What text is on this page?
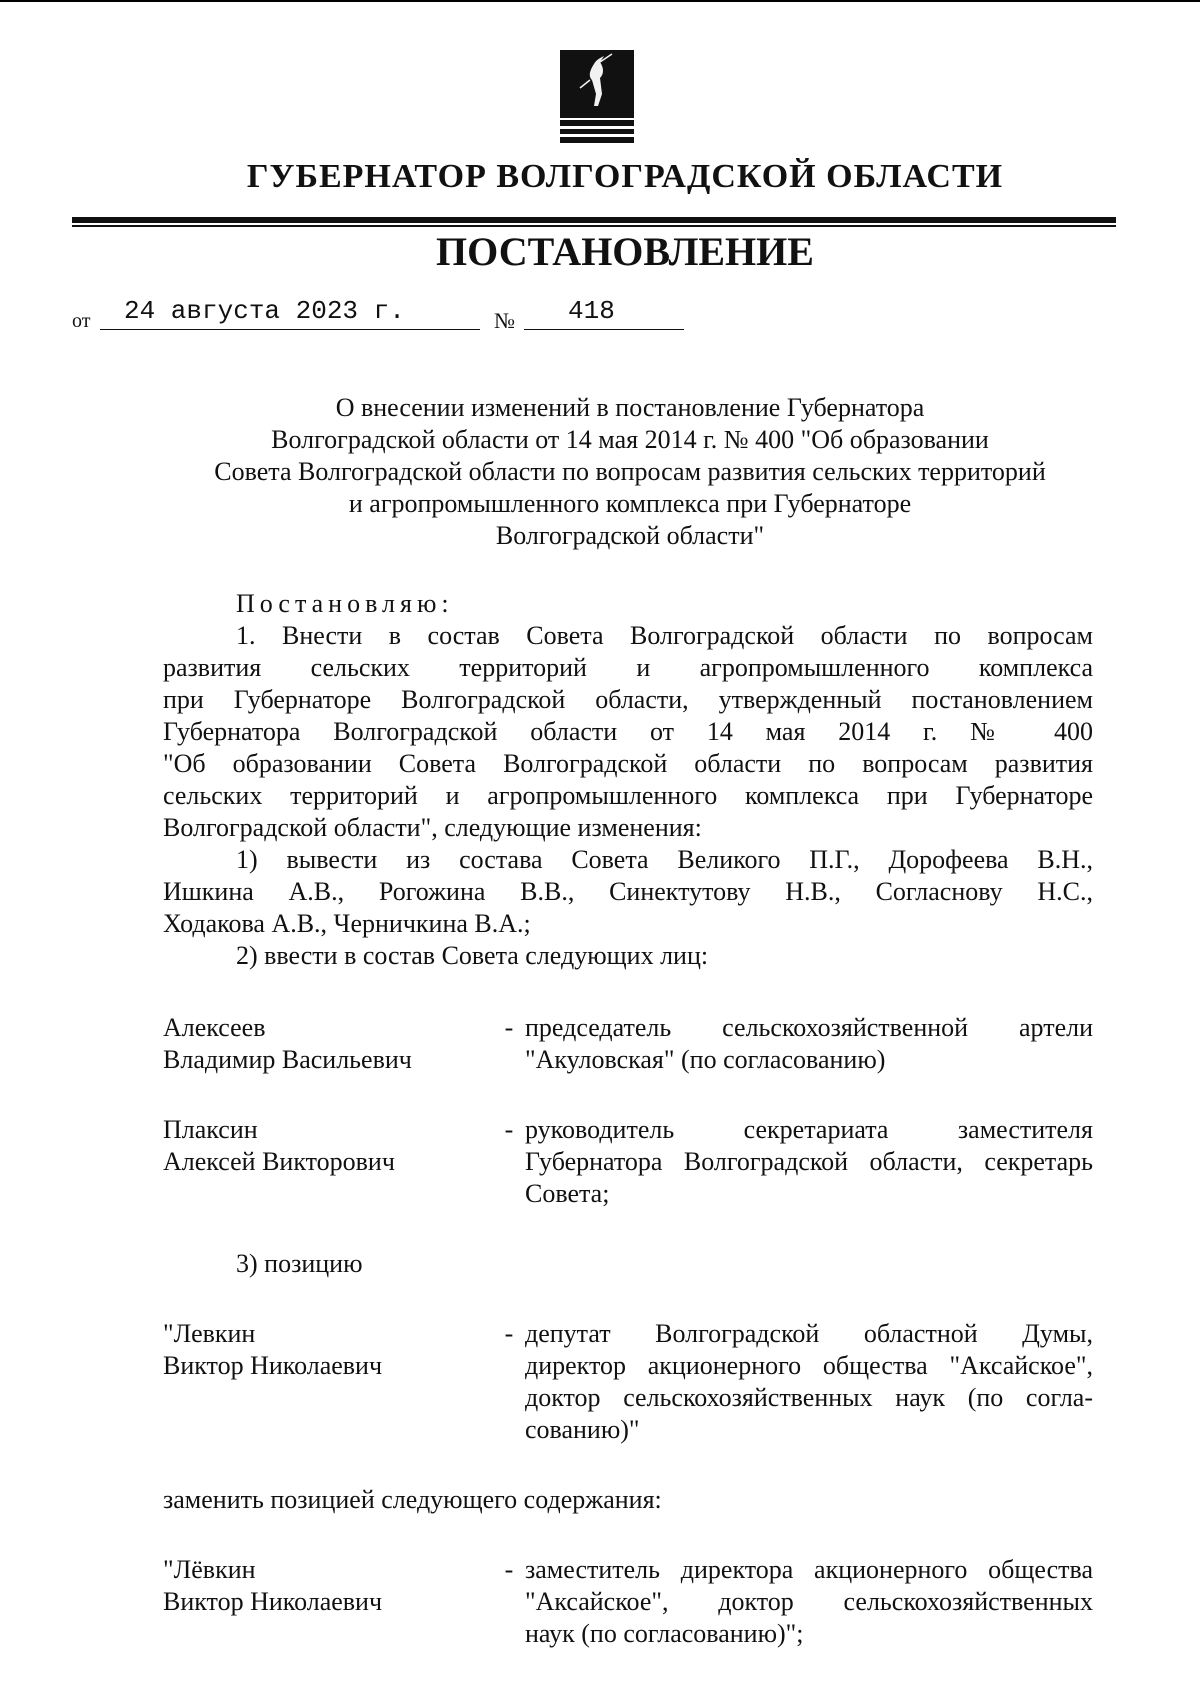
ГУБЕРНАТОР ВОЛГОГРАДСКОЙ ОБЛАСТИ
ПОСТАНОВЛЕНИЕ
от	24 августа 2023 г.	№	418
О внесении изменений в постановление Губернатора
Волгоградской области от 14 мая 2014 г. № 400 "Об образовании
Совета Волгоградской области по вопросам развития сельских территорий
и агропромышленного комплекса при Губернаторе
Волгоградской области"
Постановляю:
1. Внести в состав Совета Волгоградской области по вопросам
развития сельских территорий и агропромышленного комплекса
при Губернаторе Волгоградской области, утвержденный постановлением
Губернатора Волгоградской области от 14 мая 2014 г. № 400
"Об образовании Совета Волгоградской области по вопросам развития
сельских территорий и агропромышленного комплекса при Губернаторе
Волгоградской области", следующие изменения:
1) вывести из состава Совета Великого П.Г., Дорофеева В.Н.,
Ишкина А.В., Рогожина В.В., Синектутову Н.В., Согласнову Н.С.,
Ходакова А.В., Черничкина В.А.;
2) ввести в состав Совета следующих лиц:
Алексеев
Владимир Васильевич
- председатель сельскохозяйственной артели
"Акуловская" (по согласованию)
Плаксин
Алексей Викторович
- руководитель секретариата заместителя
Губернатора Волгоградской области, секретарь
Совета;
3) позицию
"Левкин
Виктор Николаевич
- депутат Волгоградской областной Думы,
директор акционерного общества "Аксайское",
доктор сельскохозяйственных наук (по согла-
сованию)"
заменить позицией следующего содержания:
"Лёвкин
Виктор Николаевич
- заместитель директора акционерного общества
"Аксайское", доктор сельскохозяйственных
наук (по согласованию)";
